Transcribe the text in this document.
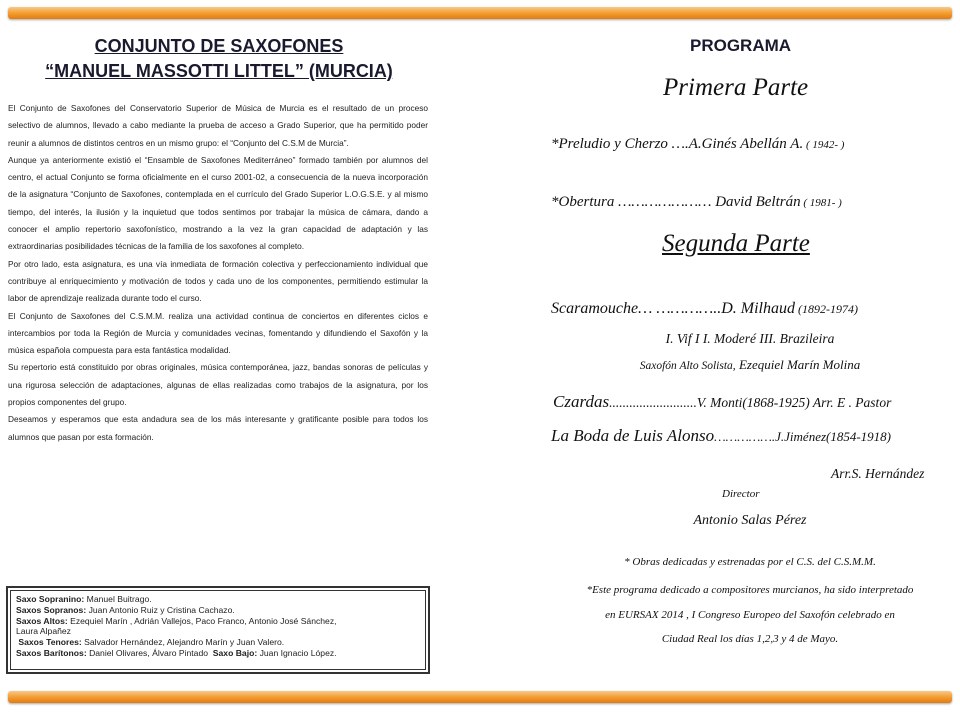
CONJUNTO DE SAXOFONES
“MANUEL MASSOTTI LITTEL” (MURCIA)

El Conjunto de Saxofones del Conservatorio Superior de Música de Murcia es el resultado de un proceso selectivo de alumnos, llevado a cabo mediante la prueba de acceso a Grado Superior, que ha permitido poder reunir a alumnos de distintos centros en un mismo grupo: el “Conjunto del C.S.M de Murcia”.

Aunque ya anteriormente existió el “Ensamble de Saxofones Mediterráneo” formado también por alumnos del centro, el actual Conjunto se forma oficialmente en el curso 2001-02, a consecuencia de la nueva incorporación de la asignatura “Conjunto de Saxofones, contemplada en el currículo del Grado Superior L.O.G.S.E. y al mismo tiempo, del interés, la ilusión y la inquietud que todos sentimos por trabajar la música de cámara, dando a conocer el amplio repertorio saxofonístico, mostrando a la vez la gran capacidad de adaptación y las extraordinarias posibilidades técnicas de la familia de los saxofones al completo.

Por otro lado, esta asignatura, es una vía inmediata de formación colectiva y perfeccionamiento individual que contribuye al enriquecimiento y motivación de todos y cada uno de los componentes, permitiendo estimular la labor de aprendizaje realizada durante todo el curso.

El Conjunto de Saxofones del C.S.M.M. realiza una actividad continua de conciertos en diferentes ciclos e intercambios por toda la Región de Murcia y comunidades vecinas, fomentando y difundiendo el Saxofón y la música española compuesta para esta fantástica modalidad.

Su repertorio está constituido por obras originales, música contemporánea, jazz, bandas sonoras de películas y una rigurosa selección de adaptaciones, algunas de ellas realizadas como trabajos de la asignatura, por los propios componentes del grupo.

Deseamos y esperamos que esta andadura sea de los más interesante y gratificante posible para todos los alumnos que pasan por esta formación.

Saxo Sopranino: Manuel Buitrago.
Saxos Sopranos: Juan Antonio Ruiz y Cristina Cachazo.
Saxos Altos: Ezequiel Marín , Adrián Vallejos, Paco Franco, Antonio José Sánchez, Laura Alpañez
Saxos Tenores: Salvador Hernández, Alejandro Marín y Juan Valero.
Saxos Barítonos: Daniel Olivares, Álvaro Pintado  Saxo Bajo: Juan Ignacio López.
PROGRAMA
Primera Parte
*Preludio y Cherzo ….A.Ginés Abellán A. ( 1942- )
*Obertura ………………… David Beltrán ( 1981- )
Segunda Parte
Scaramouche… …………..D. Milhaud (1892-1974)
I. Vif I I. Moderé III. Brazileira
Saxofón Alto Solista, Ezequiel Marín Molina
Czardas..........................V. Monti(1868-1925) Arr. E . Pastor
La Boda de Luis Alonso…………….J.Jiménez(1854-1918)
Arr.S. Hernández
Director
Antonio Salas Pérez
* Obras dedicadas y estrenadas por el C.S. del C.S.M.M.
*Este programa dedicado a compositores murcianos, ha sido interpretado
en EURSAX 2014 , I Congreso Europeo del Saxofón celebrado en
Ciudad Real los días 1,2,3 y 4 de Mayo.
